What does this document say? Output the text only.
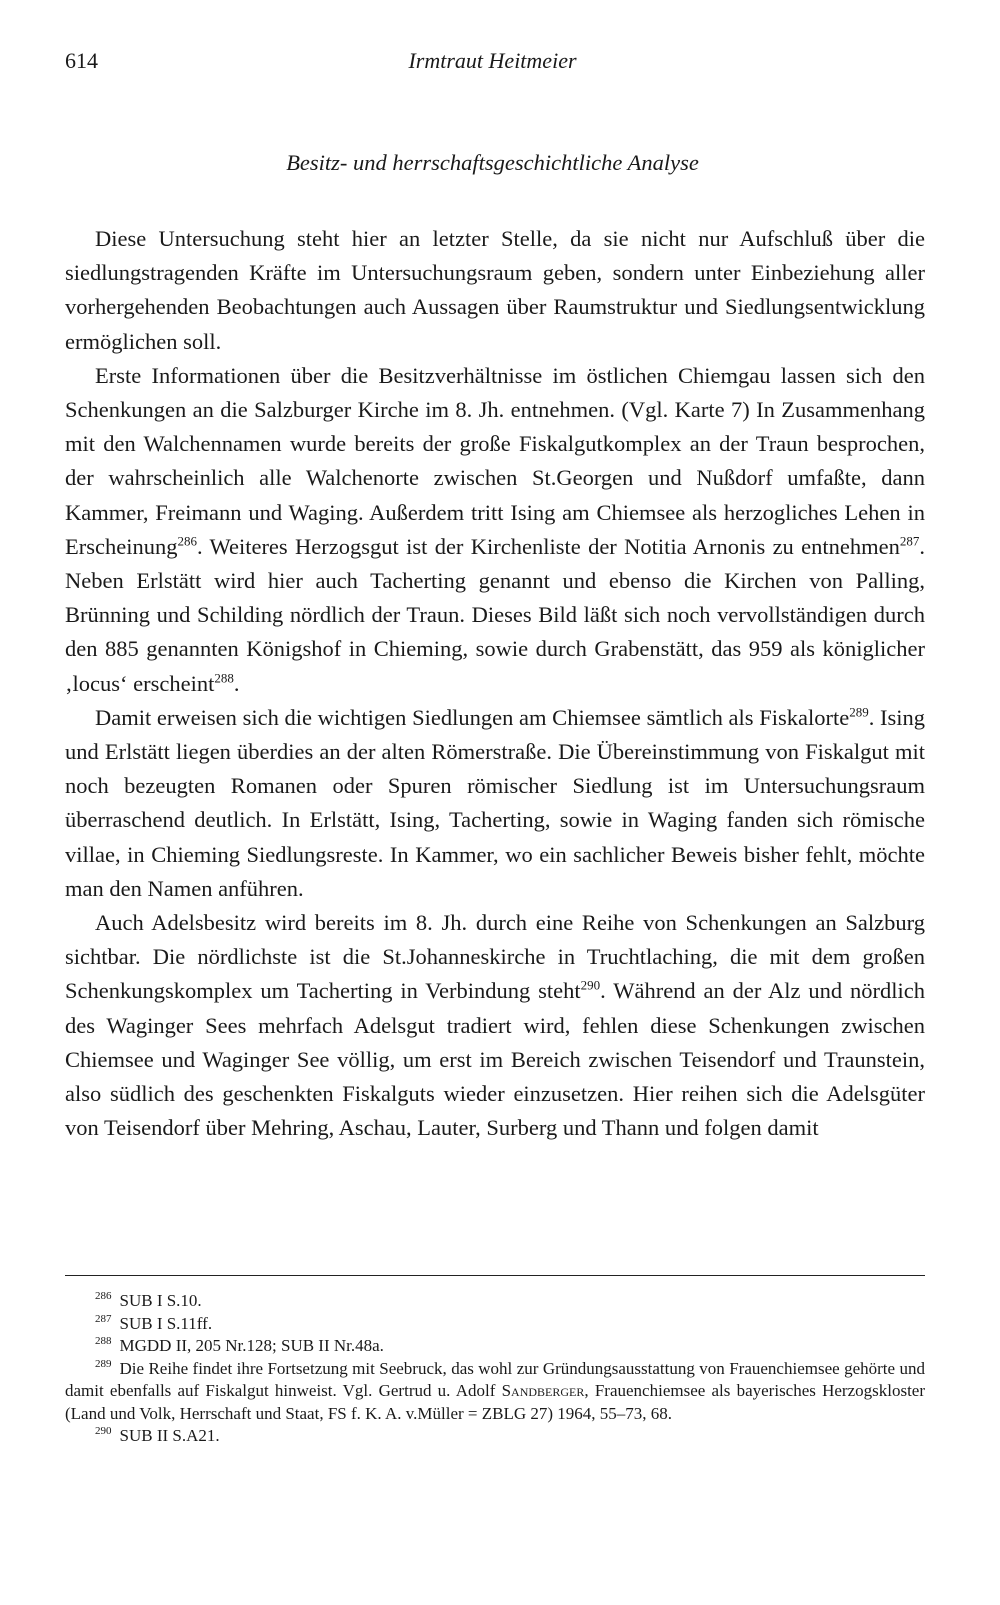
614	Irmtraut Heitmeier
Besitz- und herrschaftsgeschichtliche Analyse

Diese Untersuchung steht hier an letzter Stelle, da sie nicht nur Aufschluß über die siedlungstragenden Kräfte im Untersuchungsraum geben, sondern unter Einbeziehung aller vorhergehenden Beobachtungen auch Aussagen über Raumstruktur und Siedlungsentwicklung ermöglichen soll.

Erste Informationen über die Besitzverhältnisse im östlichen Chiemgau lassen sich den Schenkungen an die Salzburger Kirche im 8. Jh. entnehmen. (Vgl. Karte 7) In Zusammenhang mit den Walchennamen wurde bereits der große Fiskalgutkomplex an der Traun besprochen, der wahrscheinlich alle Walchenorte zwischen St.Georgen und Nußdorf umfaßte, dann Kammer, Freimann und Waging. Außerdem tritt Ising am Chiemsee als herzogliches Lehen in Erscheinung$^{286}$. Weiteres Herzogsgut ist der Kirchenliste der Notitia Arnonis zu entnehmen$^{287}$. Neben Erlstätt wird hier auch Tacherting genannt und ebenso die Kirchen von Palling, Brünning und Schilding nördlich der Traun. Dieses Bild läßt sich noch vervollständigen durch den 885 genannten Königshof in Chieming, sowie durch Grabenstätt, das 959 als königlicher ‚locus‘ erscheint$^{288}$.

Damit erweisen sich die wichtigen Siedlungen am Chiemsee sämtlich als Fiskalorte$^{289}$. Ising und Erlstätt liegen überdies an der alten Römerstraße. Die Übereinstimmung von Fiskalgut mit noch bezeugten Romanen oder Spuren römischer Siedlung ist im Untersuchungsraum überraschend deutlich. In Erlstätt, Ising, Tacherting, sowie in Waging fanden sich römische villae, in Chieming Siedlungsreste. In Kammer, wo ein sachlicher Beweis bisher fehlt, möchte man den Namen anführen.

Auch Adelsbesitz wird bereits im 8. Jh. durch eine Reihe von Schenkungen an Salzburg sichtbar. Die nördlichste ist die St.Johanneskirche in Truchtlaching, die mit dem großen Schenkungskomplex um Tacherting in Verbindung steht$^{290}$. Während an der Alz und nördlich des Waginger Sees mehrfach Adelsgut tradiert wird, fehlen diese Schenkungen zwischen Chiemsee und Waginger See völlig, um erst im Bereich zwischen Teisendorf und Traunstein, also südlich des geschenkten Fiskalguts wieder einzusetzen. Hier reihen sich die Adelsgüter von Teisendorf über Mehring, Aschau, Lauter, Surberg und Thann und folgen damit

$^{286}$ SUB I S.10.
$^{287}$ SUB I S.11ff.
$^{288}$ MGDD II, 205 Nr.128; SUB II Nr.48a.
$^{289}$ Die Reihe findet ihre Fortsetzung mit Seebruck, das wohl zur Gründungsausstattung von Frauenchiemsee gehörte und damit ebenfalls auf Fiskalgut hinweist. Vgl. Gertrud u. Adolf Sandberger, Frauenchiemsee als bayerisches Herzogskloster (Land und Volk, Herrschaft und Staat, FS f. K. A. v.Müller = ZBLG 27) 1964, 55–73, 68.
$^{290}$ SUB II S.A21.
